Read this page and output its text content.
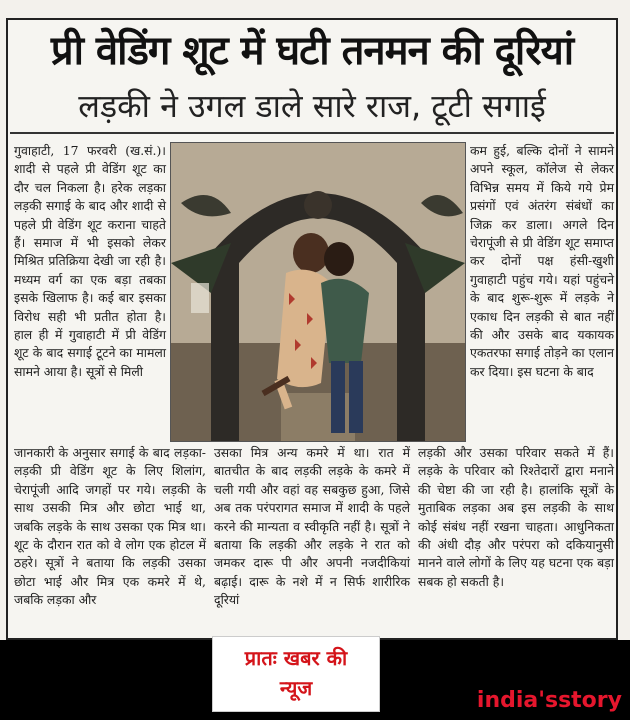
प्री वेडिंग शूट में घटी तनमन की दूरियां
लड़की ने उगल डाले सारे राज, टूटी सगाई

गुवाहाटी, 17 फरवरी (ख.सं.)। शादी से पहले प्री वेडिंग शूट का दौर चल निकला है। हरेक लड़का लड़की सगाई के बाद और शादी से पहले प्री वेडिंग शूट कराना चाहते हैं। समाज में भी इसको लेकर मिश्रित प्रतिक्रिया देखी जा रही है। मध्यम वर्ग का एक बड़ा तबका इसके खिलाफ है। कई बार इसका विरोध सही भी प्रतीत होता है। हाल ही में गुवाहाटी में प्री वेडिंग शूट के बाद सगाई टूटने का मामला सामने आया है। सूत्रों से मिली

कम हुई, बल्कि दोनों ने सामने अपने स्कूल, कॉलेज से लेकर विभिन्न समय में किये गये प्रेम प्रसंगों एवं अंतरंग संबंधों का जिक्र कर डाला। अगले दिन चेरापूंजी से प्री वेडिंग शूट समाप्त कर दोनों पक्ष हंसी-खुशी गुवाहाटी पहुंच गये। यहां पहुंचने के बाद शुरू-शुरू में लड़के ने एकाध दिन लड़की से बात नहीं की और उसके बाद यकायक एकतरफा सगाई तोड़ने का एलान कर दिया। इस घटना के बाद

जानकारी के अनुसार सगाई के बाद लड़का-लड़की प्री वेडिंग शूट के लिए शिलांग, चेरापूंजी आदि जगहों पर गये। लड़की के साथ उसकी मित्र और छोटा भाई था, जबकि लड़के के साथ उसका एक मित्र था। शूट के दौरान रात को वे लोग एक होटल में ठहरे। सूत्रों ने बताया कि लड़की उसका छोटा भाई और मित्र एक कमरे में थे, जबकि लड़का और

उसका मित्र अन्य कमरे में था। रात में बातचीत के बाद लड़की लड़के के कमरे में चली गयी और वहां वह सबकुछ हुआ, जिसे अब तक परंपरागत समाज में शादी के पहले करने की मान्यता व स्वीकृति नहीं है। सूत्रों ने बताया कि लड़की और लड़के ने रात को जमकर दारू पी और अपनी नजदीकियां बढ़ाई। दारू के नशे में न सिर्फ शारीरिक दूरियां

लड़की और उसका परिवार सकते में हैं। लड़के के परिवार को रिश्तेदारों द्वारा मनाने की चेष्टा की जा रही है। हालांकि सूत्रों के मुताबिक लड़का अब इस लड़की के साथ कोई संबंध नहीं रखना चाहता। आधुनिकता की अंधी दौड़ और परंपरा को दकियानुसी मानने वाले लोगों के लिए यह घटना एक बड़ा सबक हो सकती है।

प्रातः खबर की
न्यूज	india'sstory
